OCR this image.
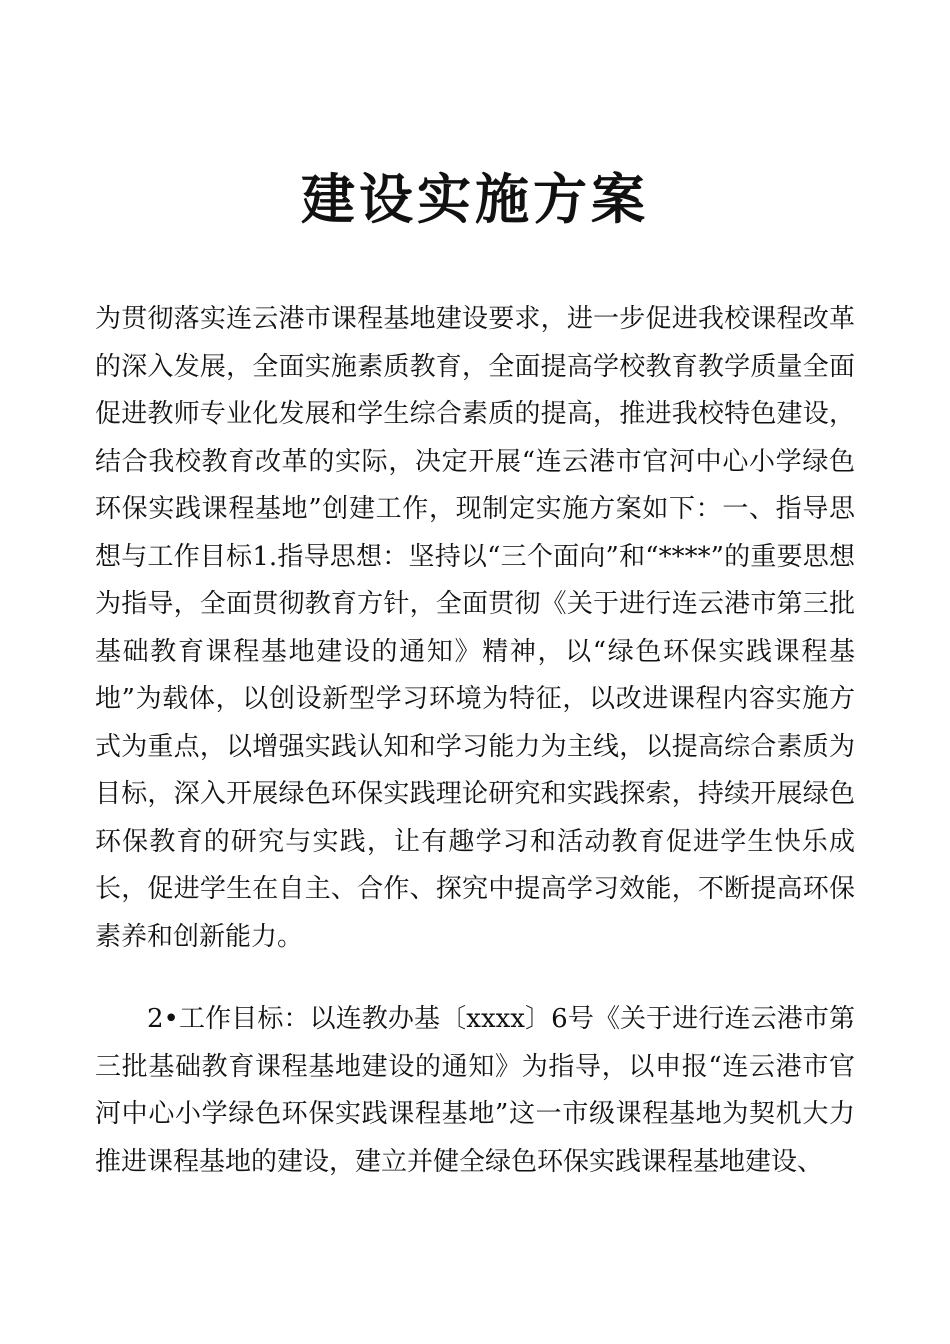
建设实施方案

为贯彻落实连云港市课程基地建设要求，进一步促进我校课程改革的深入发展，全面实施素质教育，全面提高学校教育教学质量全面促进教师专业化发展和学生综合素质的提高，推进我校特色建设，结合我校教育改革的实际，决定开展“连云港市官河中心小学绿色环保实践课程基地”创建工作，现制定实施方案如下：一、指导思想与工作目标1.指导思想：坚持以“三个面向”和“****”的重要思想为指导，全面贯彻教育方针，全面贯彻《关于进行连云港市第三批基础教育课程基地建设的通知》精神，以“绿色环保实践课程基地”为载体，以创设新型学习环境为特征，以改进课程内容实施方式为重点，以增强实践认知和学习能力为主线，以提高综合素质为目标，深入开展绿色环保实践理论研究和实践探索，持续开展绿色环保教育的研究与实践，让有趣学习和活动教育促进学生快乐成长，促进学生在自主、合作、探究中提高学习效能，不断提高环保素养和创新能力。

2•工作目标：以连教办基〔xxxx〕6号《关于进行连云港市第三批基础教育课程基地建设的通知》为指导，以申报“连云港市官河中心小学绿色环保实践课程基地”这一市级课程基地为契机大力推进课程基地的建设，建立并健全绿色环保实践课程基地建设、
